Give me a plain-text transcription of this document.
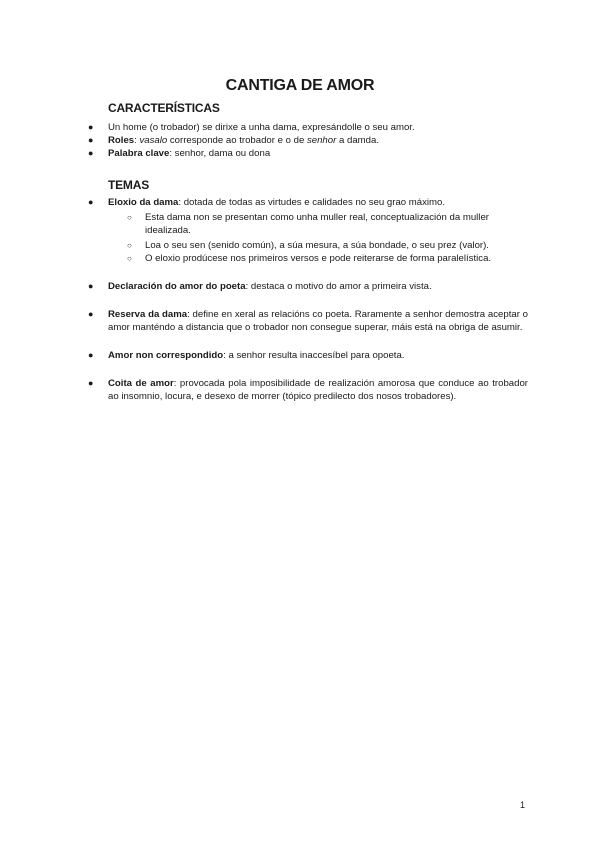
CANTIGA DE AMOR
CARACTERÍSTICAS
● Un home (o trobador) se dirixe a unha dama, expresándolle o seu amor.
● Roles: vasalo corresponde ao trobador e o de senhor a damda.
● Palabra clave: senhor, dama ou dona
TEMAS
● Eloxio da dama: dotada de todas as virtudes e calidades no seu grao máximo.
○ Esta dama non se presentan como unha muller real, conceptualización da muller idealizada.
○ Loa o seu sen (senido común), a súa mesura, a súa bondade, o seu prez (valor).
○ O eloxio prodúcese nos primeiros versos e pode reiterarse de forma paralelística.
● Declaración do amor do poeta: destaca o motivo do amor a primeira vista.
● Reserva da dama: define en xeral as relacións co poeta. Raramente a senhor demostra aceptar o amor manténdo a distancia que o trobador non consegue superar, máis está na obriga de asumir.
● Amor non correspondido: a senhor resulta inaccesíbel para opoeta.
● Coita de amor: provocada pola imposibilidade de realización amorosa que conduce ao trobador ao insomnio, locura, e desexo de morrer (tópico predilecto dos nosos trobadores).
1
